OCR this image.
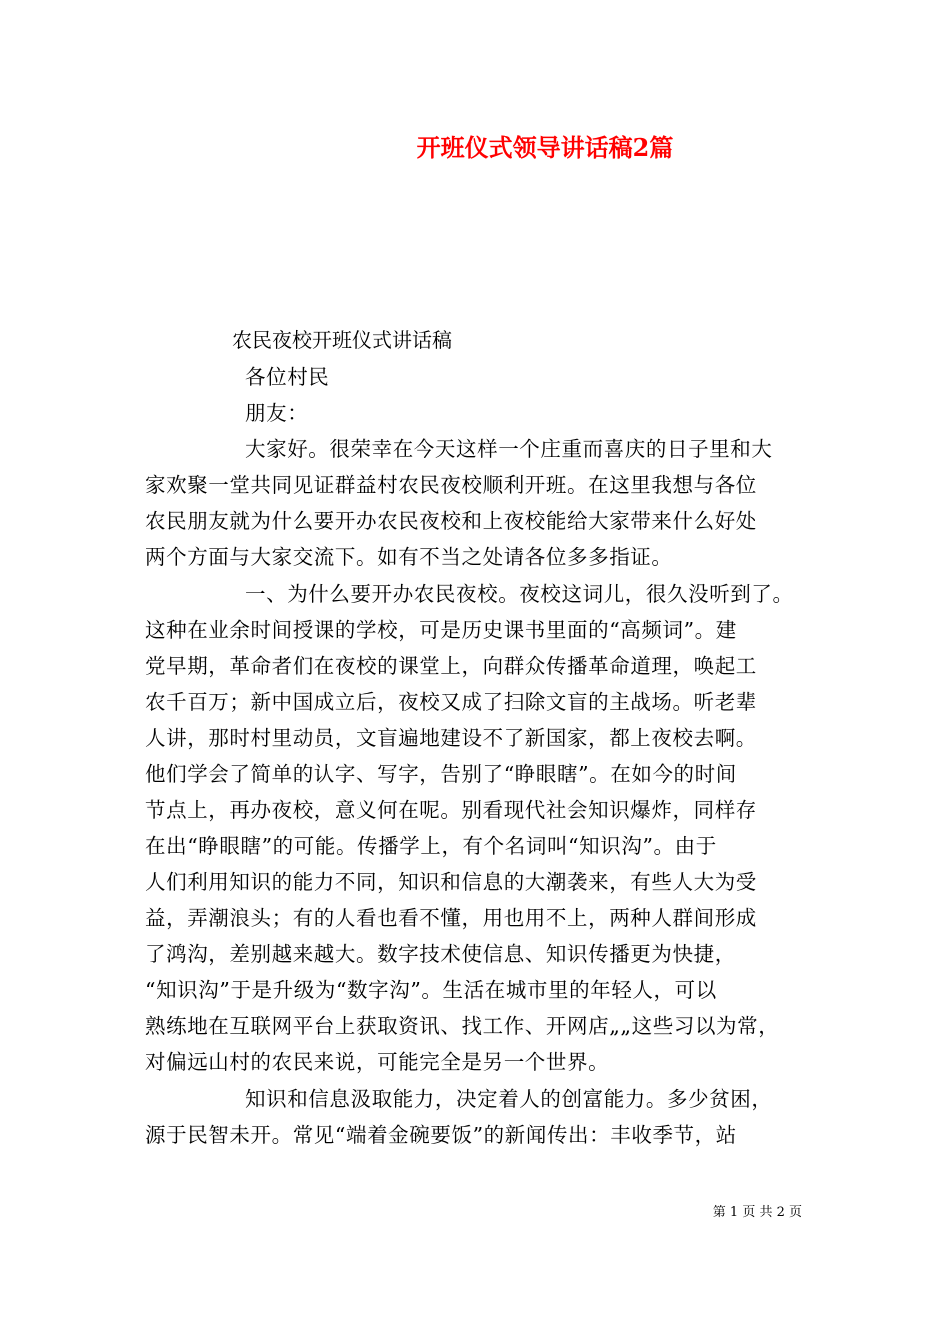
开班仪式领导讲话稿2篇
农民夜校开班仪式讲话稿
各位村民
朋友：
大家好。很荣幸在今天这样一个庄重而喜庆的日子里和大
家欢聚一堂共同见证群益村农民夜校顺利开班。在这里我想与各位
农民朋友就为什么要开办农民夜校和上夜校能给大家带来什么好处
两个方面与大家交流下。如有不当之处请各位多多指证。
一、为什么要开办农民夜校。夜校这词儿，很久没听到了。
这种在业余时间授课的学校，可是历史课书里面的“高频词”。建
党早期，革命者们在夜校的课堂上，向群众传播革命道理，唤起工
农千百万；新中国成立后，夜校又成了扫除文盲的主战场。听老辈
人讲，那时村里动员，文盲遍地建设不了新国家，都上夜校去啊。
他们学会了简单的认字、写字，告别了“睁眼瞎”。在如今的时间
节点上，再办夜校，意义何在呢。别看现代社会知识爆炸，同样存
在出“睁眼瞎”的可能。传播学上，有个名词叫“知识沟”。由于
人们利用知识的能力不同，知识和信息的大潮袭来，有些人大为受
益，弄潮浪头；有的人看也看不懂，用也用不上，两种人群间形成
了鸿沟，差别越来越大。数字技术使信息、知识传播更为快捷，
“知识沟”于是升级为“数字沟”。生活在城市里的年轻人，可以
熟练地在互联网平台上获取资讯、找工作、开网店„„这些习以为常，
对偏远山村的农民来说，可能完全是另一个世界。
知识和信息汲取能力，决定着人的创富能力。多少贫困，
源于民智未开。常见“端着金碗要饭”的新闻传出：丰收季节，站
第 1 页 共 2 页
